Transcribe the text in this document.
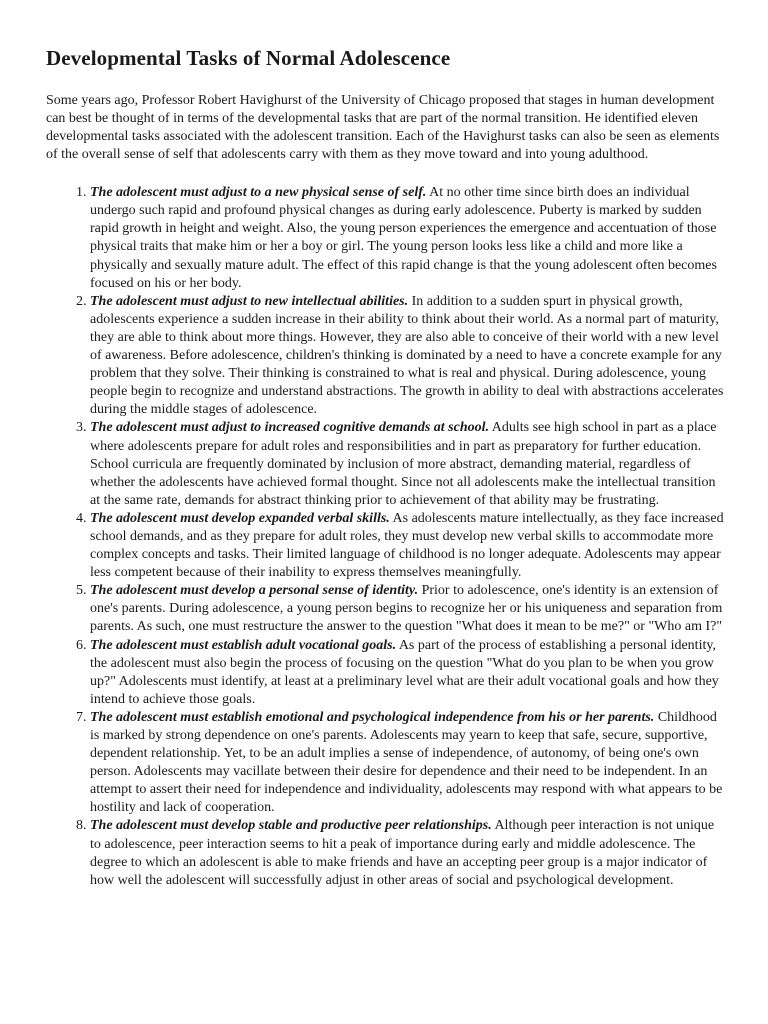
Developmental Tasks of Normal Adolescence

Some years ago, Professor Robert Havighurst of the University of Chicago proposed that stages in human development can best be thought of in terms of the developmental tasks that are part of the normal transition. He identified eleven developmental tasks associated with the adolescent transition. Each of the Havighurst tasks can also be seen as elements of the overall sense of self that adolescents carry with them as they move toward and into young adulthood.

1. The adolescent must adjust to a new physical sense of self. At no other time since birth does an individual undergo such rapid and profound physical changes as during early adolescence. Puberty is marked by sudden rapid growth in height and weight. Also, the young person experiences the emergence and accentuation of those physical traits that make him or her a boy or girl. The young person looks less like a child and more like a physically and sexually mature adult. The effect of this rapid change is that the young adolescent often becomes focused on his or her body.
2. The adolescent must adjust to new intellectual abilities. In addition to a sudden spurt in physical growth, adolescents experience a sudden increase in their ability to think about their world. As a normal part of maturity, they are able to think about more things. However, they are also able to conceive of their world with a new level of awareness. Before adolescence, children's thinking is dominated by a need to have a concrete example for any problem that they solve. Their thinking is constrained to what is real and physical. During adolescence, young people begin to recognize and understand abstractions. The growth in ability to deal with abstractions accelerates during the middle stages of adolescence.
3. The adolescent must adjust to increased cognitive demands at school. Adults see high school in part as a place where adolescents prepare for adult roles and responsibilities and in part as preparatory for further education. School curricula are frequently dominated by inclusion of more abstract, demanding material, regardless of whether the adolescents have achieved formal thought. Since not all adolescents make the intellectual transition at the same rate, demands for abstract thinking prior to achievement of that ability may be frustrating.
4. The adolescent must develop expanded verbal skills. As adolescents mature intellectually, as they face increased school demands, and as they prepare for adult roles, they must develop new verbal skills to accommodate more complex concepts and tasks. Their limited language of childhood is no longer adequate. Adolescents may appear less competent because of their inability to express themselves meaningfully.
5. The adolescent must develop a personal sense of identity. Prior to adolescence, one's identity is an extension of one's parents. During adolescence, a young person begins to recognize her or his uniqueness and separation from parents. As such, one must restructure the answer to the question "What does it mean to be me?" or "Who am I?"
6. The adolescent must establish adult vocational goals. As part of the process of establishing a personal identity, the adolescent must also begin the process of focusing on the question "What do you plan to be when you grow up?" Adolescents must identify, at least at a preliminary level what are their adult vocational goals and how they intend to achieve those goals.
7. The adolescent must establish emotional and psychological independence from his or her parents. Childhood is marked by strong dependence on one's parents. Adolescents may yearn to keep that safe, secure, supportive, dependent relationship. Yet, to be an adult implies a sense of independence, of autonomy, of being one's own person. Adolescents may vacillate between their desire for dependence and their need to be independent. In an attempt to assert their need for independence and individuality, adolescents may respond with what appears to be hostility and lack of cooperation.
8. The adolescent must develop stable and productive peer relationships. Although peer interaction is not unique to adolescence, peer interaction seems to hit a peak of importance during early and middle adolescence. The degree to which an adolescent is able to make friends and have an accepting peer group is a major indicator of how well the adolescent will successfully adjust in other areas of social and psychological development.
